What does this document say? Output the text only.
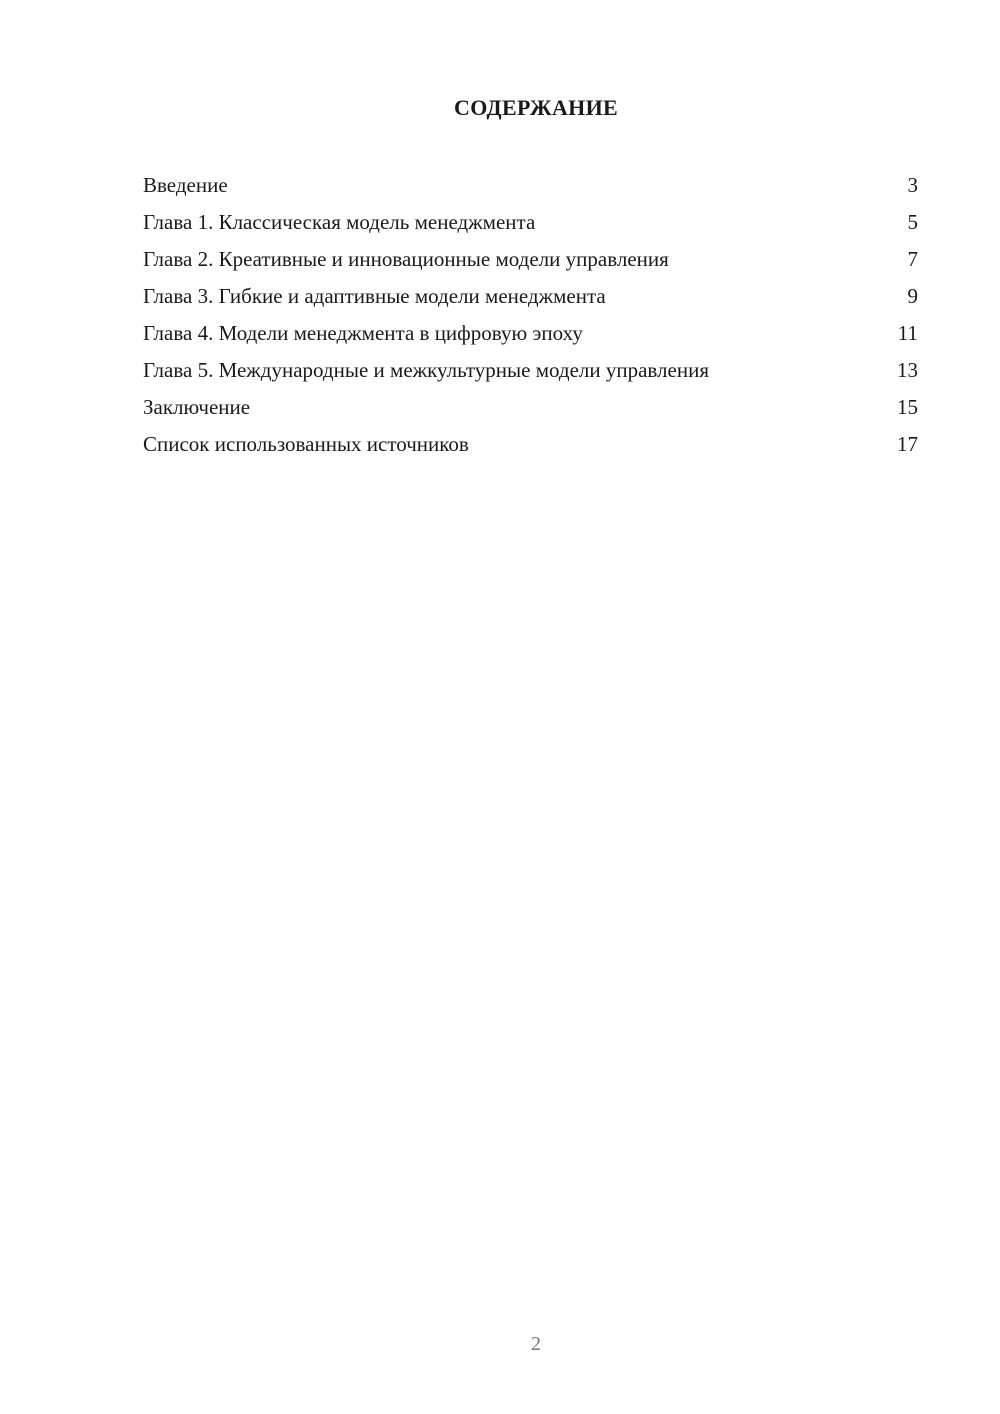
СОДЕРЖАНИЕ
Введение	3
Глава 1. Классическая модель менеджмента	5
Глава 2. Креативные и инновационные модели управления	7
Глава 3. Гибкие и адаптивные модели менеджмента	9
Глава 4. Модели менеджмента в цифровую эпоху	11
Глава 5. Международные и межкультурные модели управления	13
Заключение	15
Список использованных источников	17
2
